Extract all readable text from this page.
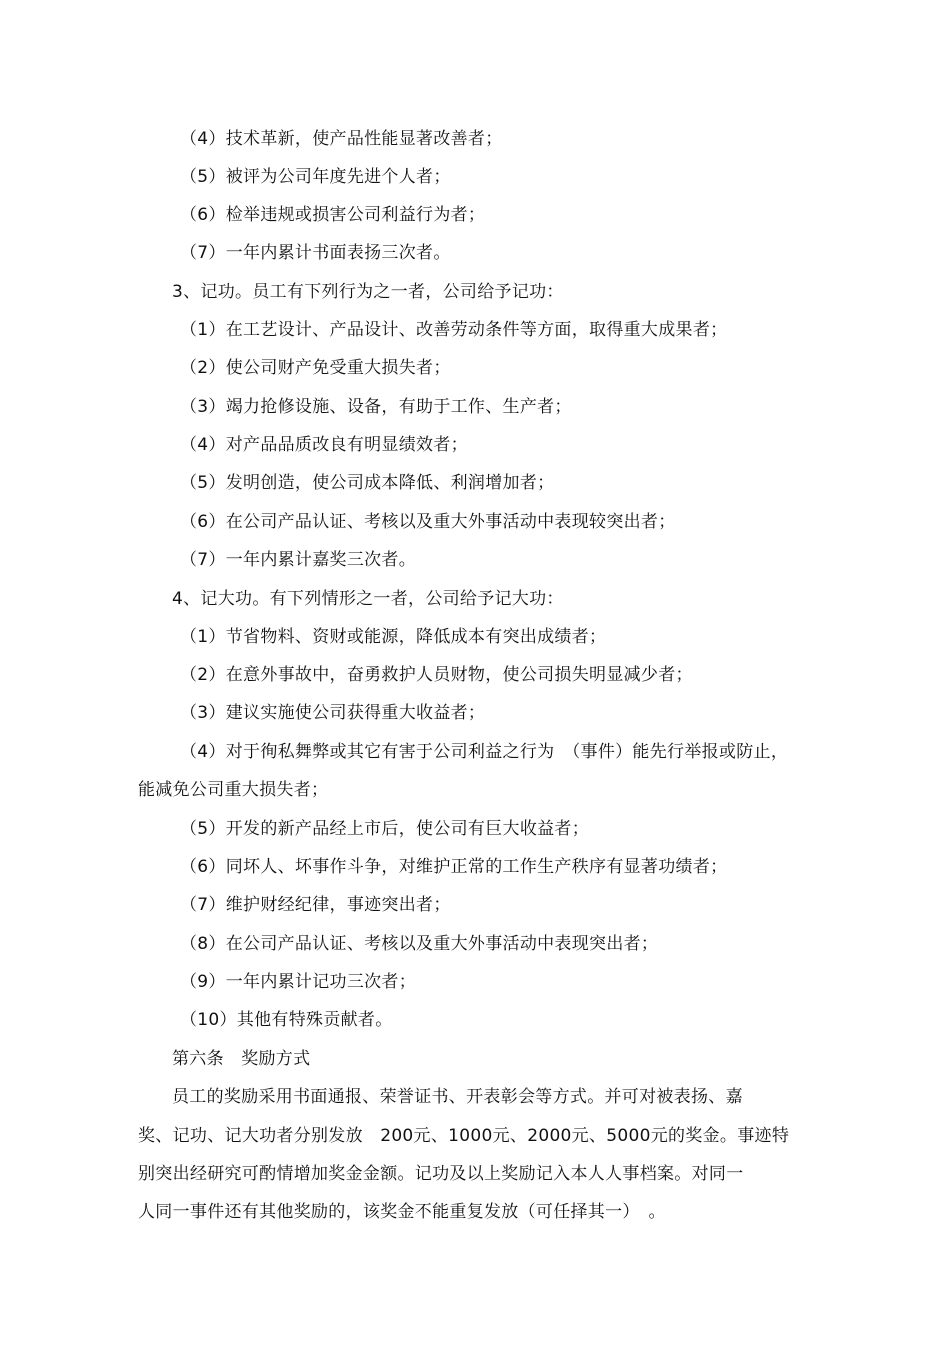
（4）技术革新，使产品性能显著改善者；
（5）被评为公司年度先进个人者；
（6）检举违规或损害公司利益行为者；
（7）一年内累计书面表扬三次者。
3、记功。员工有下列行为之一者，公司给予记功：
（1）在工艺设计、产品设计、改善劳动条件等方面，取得重大成果者；
（2）使公司财产免受重大损失者；
（3）竭力抢修设施、设备，有助于工作、生产者；
（4）对产品品质改良有明显绩效者；
（5）发明创造，使公司成本降低、利润增加者；
（6）在公司产品认证、考核以及重大外事活动中表现较突出者；
（7）一年内累计嘉奖三次者。
4、记大功。有下列情形之一者，公司给予记大功：
（1）节省物料、资财或能源，降低成本有突出成绩者；
（2）在意外事故中，奋勇救护人员财物，使公司损失明显减少者；
（3）建议实施使公司获得重大收益者；
（4）对于徇私舞弊或其它有害于公司利益之行为　（事件）能先行举报或防止，
能减免公司重大损失者；
（5）开发的新产品经上市后，使公司有巨大收益者；
（6）同坏人、坏事作斗争，对维护正常的工作生产秩序有显著功绩者；
（7）维护财经纪律，事迹突出者；
（8）在公司产品认证、考核以及重大外事活动中表现突出者；
（9）一年内累计记功三次者；
（10）其他有特殊贡献者。
第六条　奖励方式
员工的奖励采用书面通报、荣誉证书、开表彰会等方式。并可对被表扬、嘉
奖、记功、记大功者分别发放　200元、1000元、2000元、5000元的奖金。事迹特
别突出经研究可酌情增加奖金金额。记功及以上奖励记入本人人事档案。对同一
人同一事件还有其他奖励的，该奖金不能重复发放（可任择其一）　。
